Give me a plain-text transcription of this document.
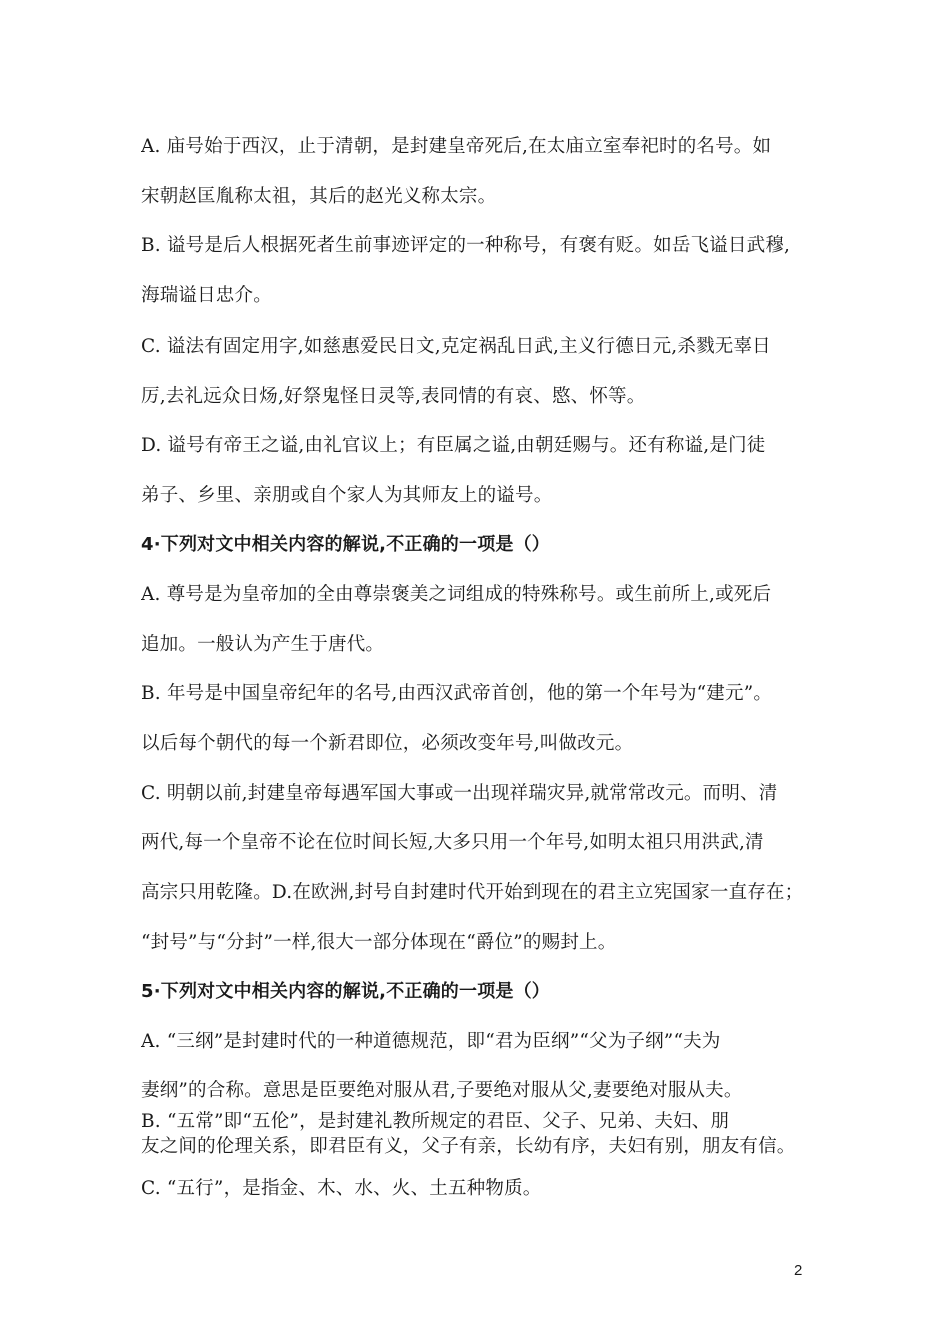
A. 庙号始于西汉，止于清朝，是封建皇帝死后,在太庙立室奉祀时的名号。如
宋朝赵匡胤称太祖，其后的赵光义称太宗。
B. 谥号是后人根据死者生前事迹评定的一种称号，有褒有贬。如岳飞谥日武穆,
海瑞谥日忠介。
C. 谥法有固定用字,如慈惠爱民日文,克定祸乱日武,主义行德日元,杀戮无辜日
厉,去礼远众日炀,好祭鬼怪日灵等,表同情的有哀、愍、怀等。
D. 谥号有帝王之谥,由礼官议上；有臣属之谥,由朝廷赐与。还有称谥,是门徒
弟子、乡里、亲朋或自个家人为其师友上的谥号。
4·下列对文中相关内容的解说,不正确的一项是（）
A. 尊号是为皇帝加的全由尊崇褒美之词组成的特殊称号。或生前所上,或死后
追加。一般认为产生于唐代。
B. 年号是中国皇帝纪年的名号,由西汉武帝首创，他的第一个年号为“建元”。
以后每个朝代的每一个新君即位，必须改变年号,叫做改元。
C. 明朝以前,封建皇帝每遇军国大事或一出现祥瑞灾异,就常常改元。而明、清
两代,每一个皇帝不论在位时间长短,大多只用一个年号,如明太祖只用洪武,清
高宗只用乾隆。D.在欧洲,封号自封建时代开始到现在的君主立宪国家一直存在；
“封号”与“分封”一样,很大一部分体现在“爵位”的赐封上。
5·下列对文中相关内容的解说,不正确的一项是（）
A. “三纲”是封建时代的一种道德规范，即“君为臣纲”“父为子纲”“夫为
妻纲”的合称。意思是臣要绝对服从君,子要绝对服从父,妻要绝对服从夫。
B. “五常”即“五伦”，是封建礼教所规定的君臣、父子、兄弟、夫妇、朋
友之间的伦理关系，即君臣有义，父子有亲，长幼有序，夫妇有别，朋友有信。
C. “五行”，是指金、木、水、火、土五种物质。
2
